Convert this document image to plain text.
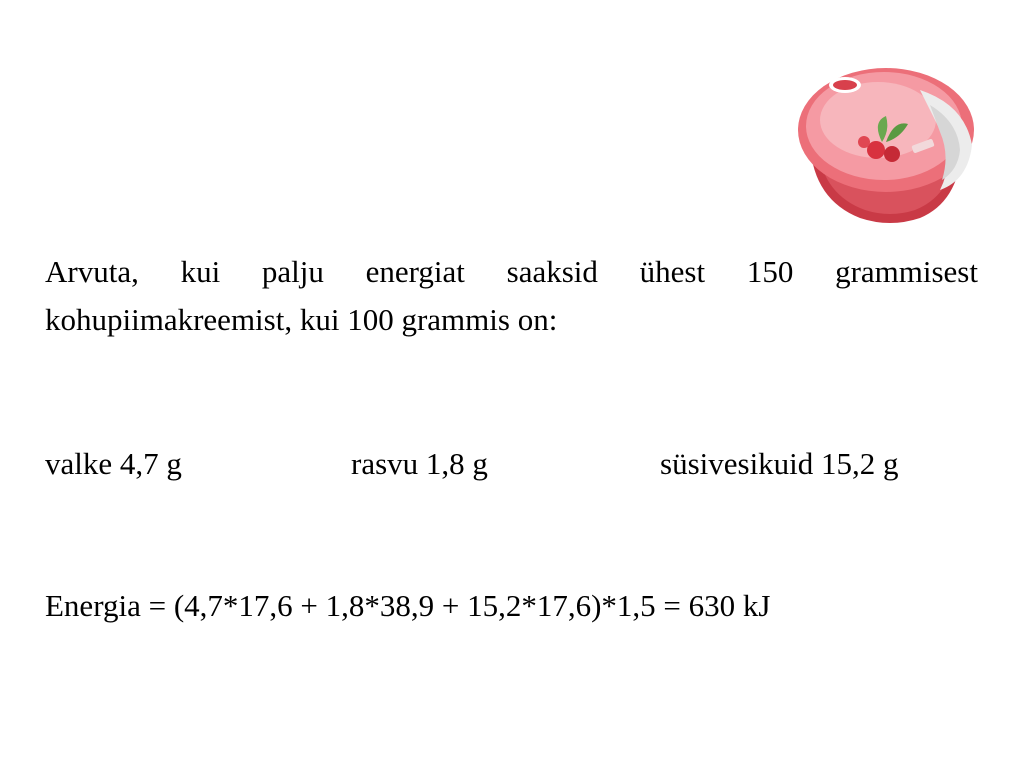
Arvuta, kui palju energiat saaksid ühest 150 grammisest
kohupiimakreemist, kui 100 grammis on:
valke 4,7 g	rasvu 1,8 g	süsivesikuid 15,2 g
Energia = (4,7*17,6 + 1,8*38,9 + 15,2*17,6)*1,5 = 630 kJ
